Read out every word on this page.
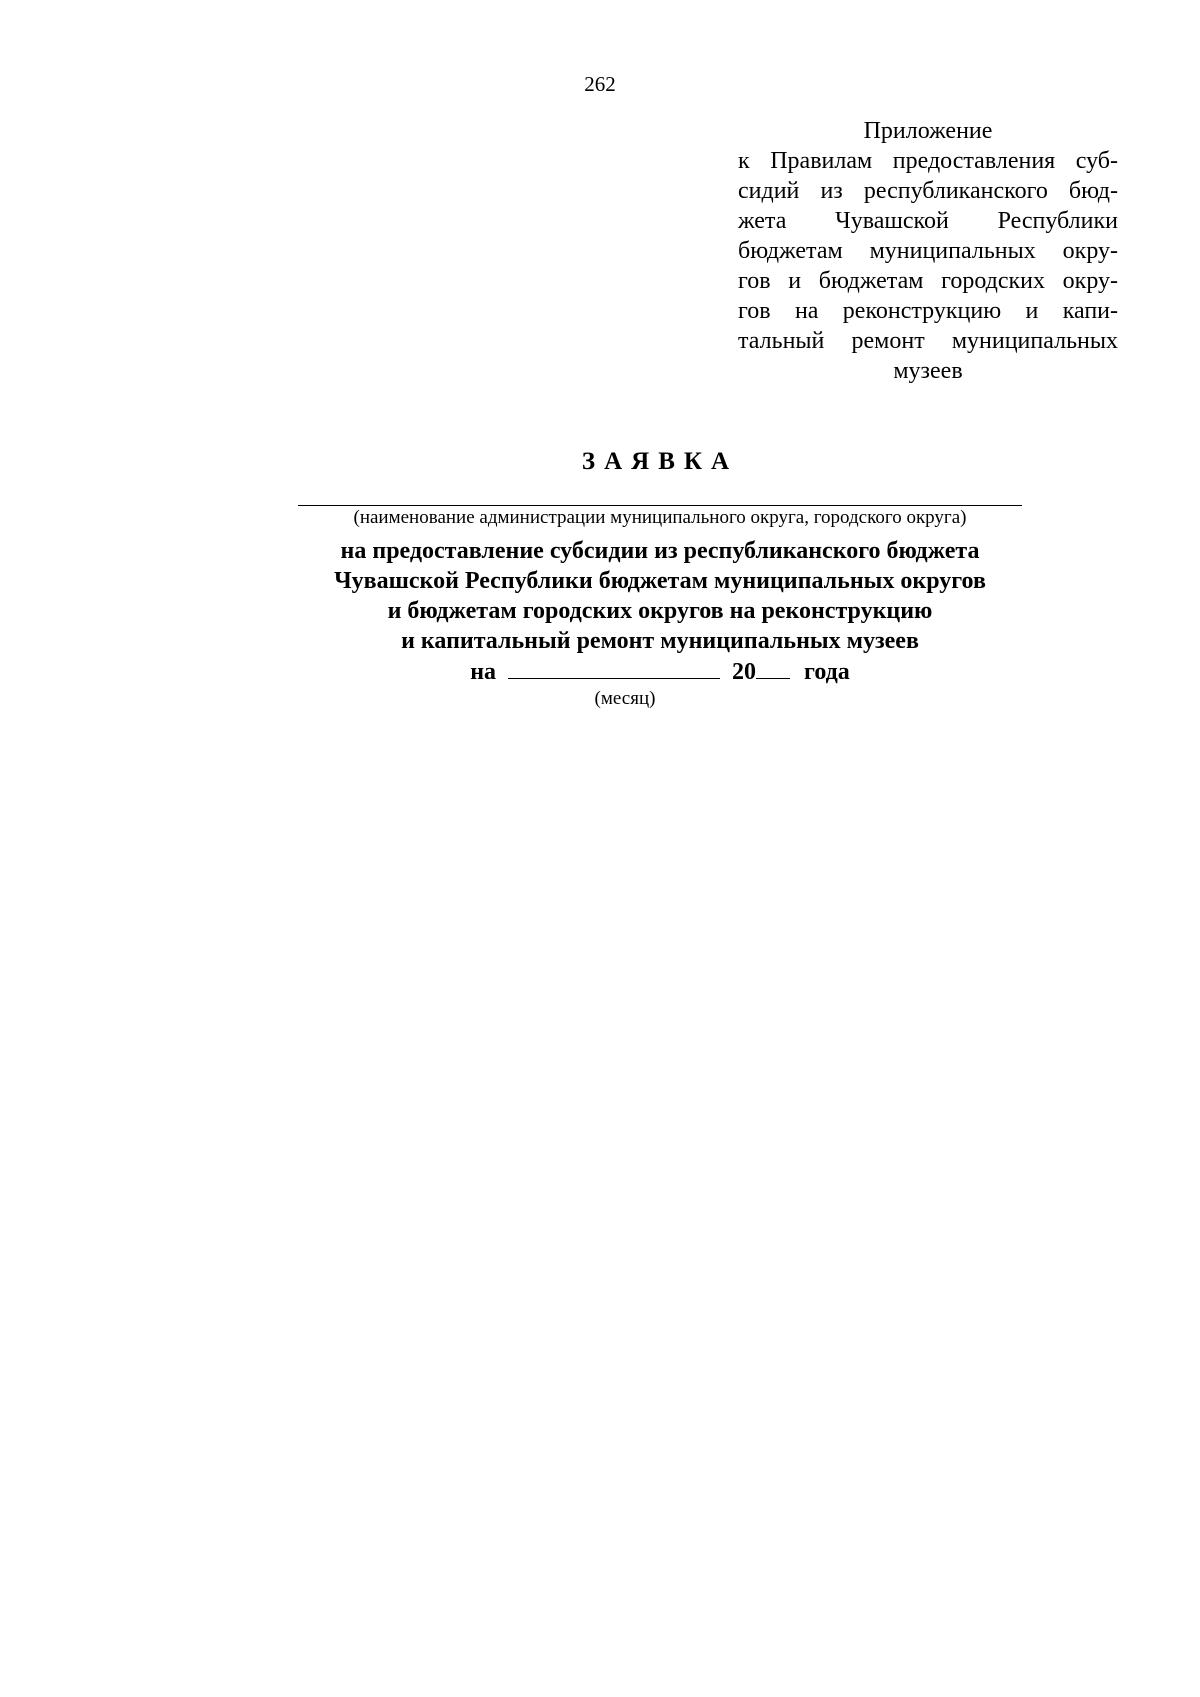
262
Приложение
к Правилам предоставления суб-
сидий из республиканского бюд-
жета Чувашской Республики
бюджетам муниципальных окру-
гов и бюджетам городских окру-
гов на реконструкцию и капи-
тальный ремонт муниципальных
музеев
ЗАЯВКА
(наименование администрации муниципального округа, городского округа)
на предоставление субсидии из республиканского бюджета
Чувашской Республики бюджетам муниципальных округов
и бюджетам городских округов на реконструкцию
и капитальный ремонт муниципальных музеев
на	20 года
(месяц)
